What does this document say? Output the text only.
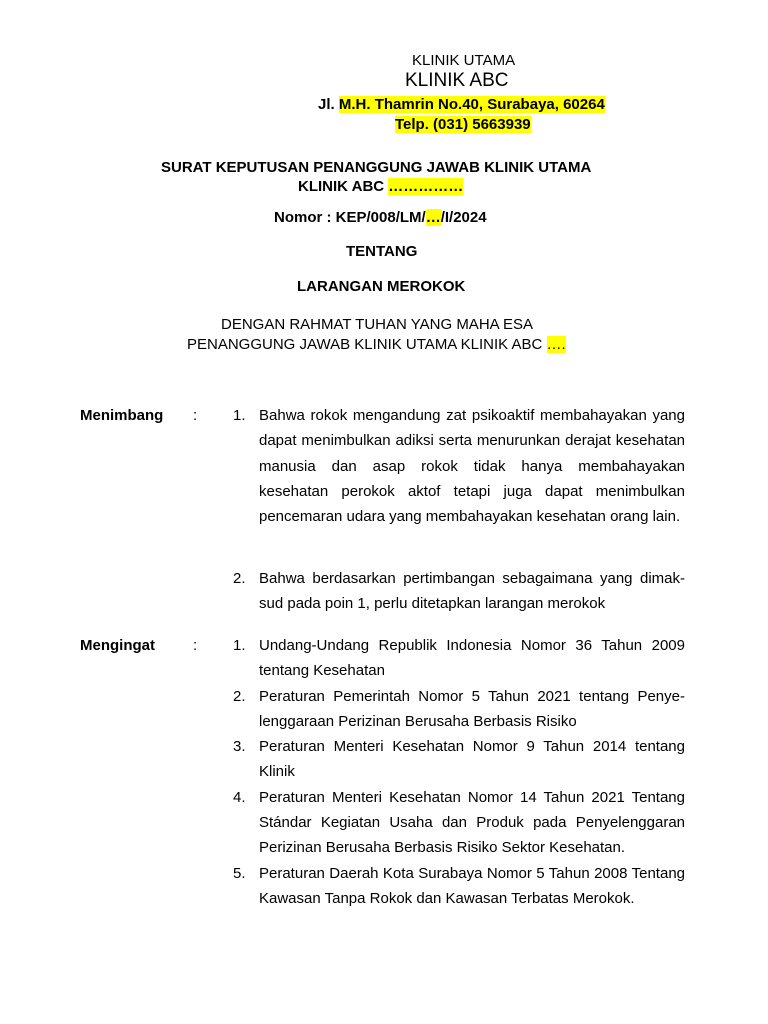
KLINIK UTAMA
KLINIK ABC
Jl. M.H. Thamrin No.40, Surabaya, 60264
Telp. (031) 5663939
SURAT KEPUTUSAN PENANGGUNG JAWAB KLINIK UTAMA
KLINIK ABC ……………
Nomor : KEP/008/LM/…/I/2024
TENTANG
LARANGAN MEROKOK
DENGAN RAHMAT TUHAN YANG MAHA ESA
PENANGGUNG JAWAB KLINIK UTAMA KLINIK ABC ….
Menimbang : 1. Bahwa rokok mengandung zat psikoaktif membahayakan yang dapat menimbulkan adiksi serta menurunkan derajat kesehatan manusia dan asap rokok tidak hanya membahayakan kesehatan perokok aktof tetapi juga dapat menimbulkan pencemaran udara yang membahayakan kesehatan orang lain.
2. Bahwa berdasarkan pertimbangan sebagaimana yang dimak-sud pada poin 1, perlu ditetapkan larangan merokok
Mengingat	: 1. Undang-Undang Republik Indonesia Nomor 36 Tahun 2009 tentang Kesehatan
2. Peraturan Pemerintah Nomor 5 Tahun 2021 tentang Penye-lenggaraan Perizinan Berusaha Berbasis Risiko
3. Peraturan Menteri Kesehatan Nomor 9 Tahun 2014 tentang Klinik
4. Peraturan Menteri Kesehatan Nomor 14 Tahun 2021 Tentang Stándar Kegiatan Usaha dan Produk pada Penyelenggaran Perizinan Berusaha Berbasis Risiko Sektor Kesehatan.
5. Peraturan Daerah Kota Surabaya Nomor 5 Tahun 2008 Tentang Kawasan Tanpa Rokok dan Kawasan Terbatas Merokok.
